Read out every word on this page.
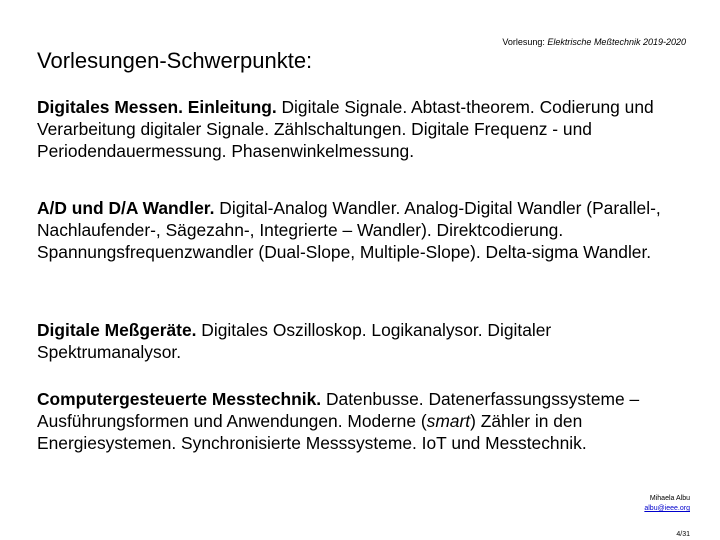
Vorlesung: Elektrische Meßtechnik 2019-2020
Vorlesungen-Schwerpunkte:

Digitales Messen. Einleitung. Digitale Signale. Abtast-theorem. Codierung und Verarbeitung digitaler Signale. Zählschaltungen. Digitale Frequenz - und Periodendauermessung. Phasenwinkelmessung.

A/D und D/A Wandler. Digital-Analog Wandler. Analog-Digital Wandler (Parallel-, Nachlaufender-, Sägezahn-, Integrierte – Wandler). Direktcodierung. Spannungsfrequenzwandler (Dual-Slope, Multiple-Slope). Delta-sigma Wandler.

Digitale Meßgeräte. Digitales Oszilloskop. Logikanalysor. Digitaler Spektrumanalysor.

Computergesteuerte Messtechnik. Datenbusse. Datenerfassungssysteme – Ausführungsformen und Anwendungen. Moderne (smart) Zähler in den Energiesystemen. Synchronisierte Messsysteme. IoT und Messtechnik.

Mihaela Albu
albu@ieee.org
4/31
